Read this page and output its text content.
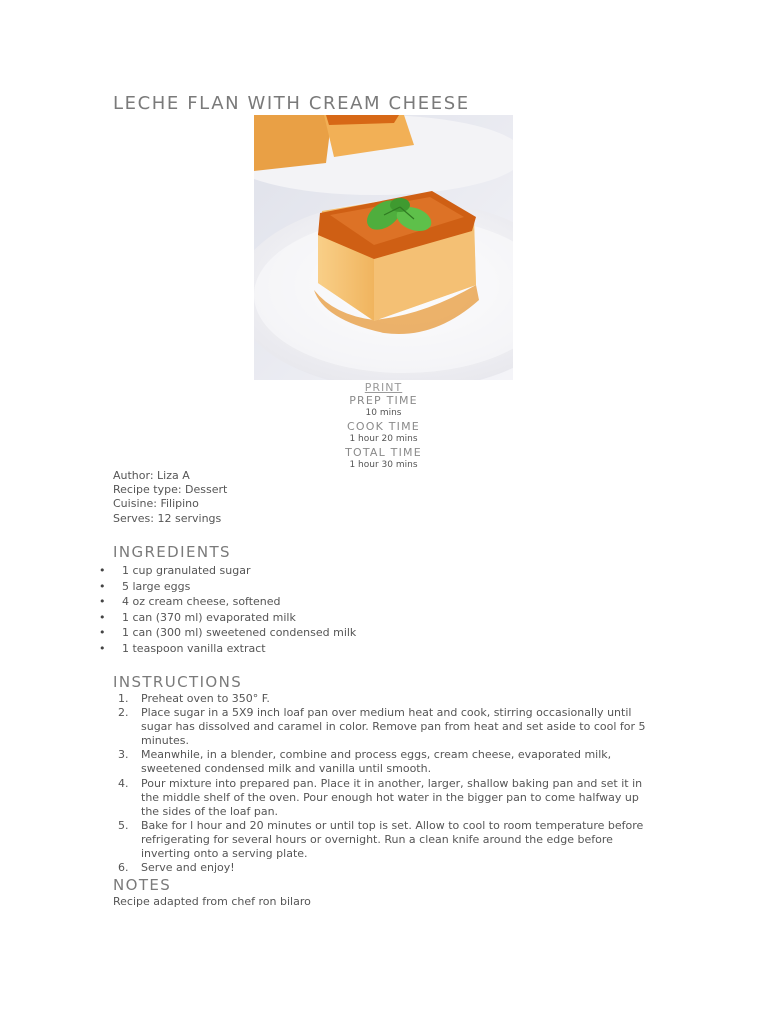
LECHE FLAN WITH CREAM CHEESE
PRINT
PREP TIME
10 mins
COOK TIME
1 hour 20 mins
TOTAL TIME
1 hour 30 mins
Author: Liza A
Recipe type: Dessert
Cuisine: Filipino
Serves: 12 servings
INGREDIENTS
• 1 cup granulated sugar
• 5 large eggs
• 4 oz cream cheese, softened
• 1 can (370 ml) evaporated milk
• 1 can (300 ml) sweetened condensed milk
• 1 teaspoon vanilla extract
INSTRUCTIONS
Preheat oven to 350° F.
Place sugar in a 5X9 inch loaf pan over medium heat and cook, stirring occasionally until sugar has dissolved and caramel in color. Remove pan from heat and set aside to cool for 5 minutes.
Meanwhile, in a blender, combine and process eggs, cream cheese, evaporated milk, sweetened condensed milk and vanilla until smooth.
Pour mixture into prepared pan. Place it in another, larger, shallow baking pan and set it in the middle shelf of the oven. Pour enough hot water in the bigger pan to come halfway up the sides of the loaf pan.
Bake for l hour and 20 minutes or until top is set. Allow to cool to room temperature before refrigerating for several hours or overnight. Run a clean knife around the edge before inverting onto a serving plate.
Serve and enjoy!
NOTES
Recipe adapted from chef ron bilaro
